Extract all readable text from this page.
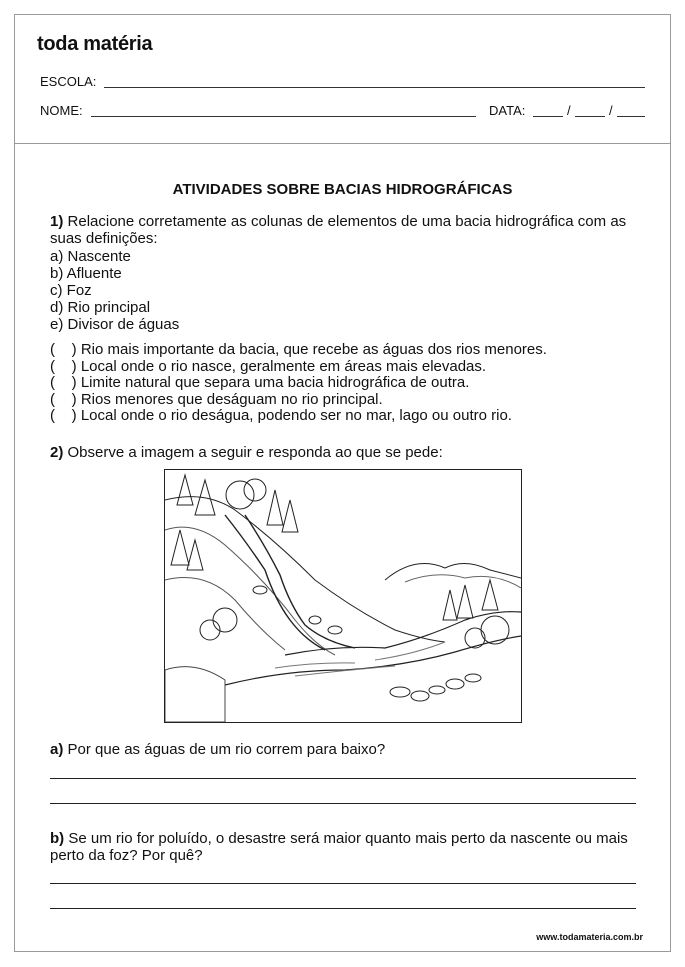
toda matéria
ESCOLA:
NOME:	DATA:	/	/
ATIVIDADES SOBRE BACIAS HIDROGRÁFICAS
1) Relacione corretamente as colunas de elementos de uma bacia hidrográfica com as suas definições:
a) Nascente
b) Afluente
c) Foz
d) Rio principal
e) Divisor de águas
(    ) Rio mais importante da bacia, que recebe as águas dos rios menores.
(    ) Local onde o rio nasce, geralmente em áreas mais elevadas.
(    ) Limite natural que separa uma bacia hidrográfica de outra.
(    ) Rios menores que deságuam no rio principal.
(    ) Local onde o rio deságua, podendo ser no mar, lago ou outro rio.
2) Observe a imagem a seguir e responda ao que se pede:
a) Por que as águas de um rio correm para baixo?
b) Se um rio for poluído, o desastre será maior quanto mais perto da nascente ou mais perto da foz? Por quê?
www.todamateria.com.br
